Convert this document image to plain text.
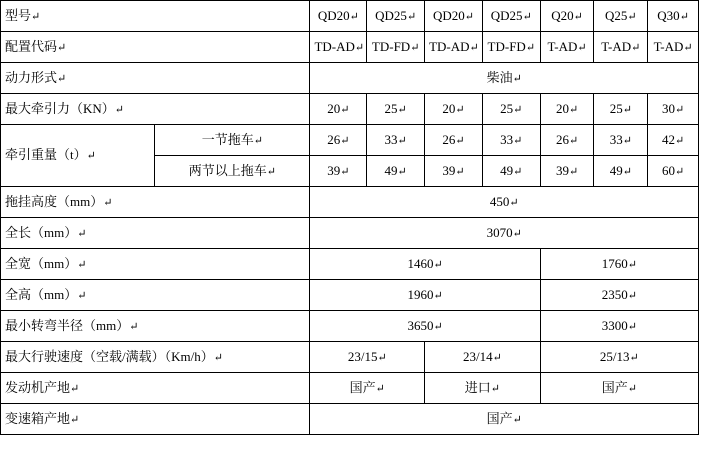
型号↵		QD20↵	QD25↵	QD20↵	QD25↵	Q20↵	Q25↵	Q30↵
配置代码↵		TD-AD↵	TD-FD↵	TD-AD↵	TD-FD↵	T-AD↵	T-AD↵	T-AD↵
动力形式↵		柴油↵						
最大牵引力（KN）↵		20↵	25↵	20↵	25↵	20↵	25↵	30↵
牵引重量（t）↵	一节拖车↵	26↵	33↵	26↵	33↵	26↵	33↵	42↵
	两节以上拖车↵	39↵	49↵	39↵	49↵	39↵	49↵	60↵
拖挂高度（mm）↵		450↵						
全长（mm）↵		3070↵						
全宽（mm）↵		1460↵				1760↵		
全高（mm）↵		1960↵				2350↵		
最小转弯半径（mm）↵		3650↵				3300↵		
最大行驶速度（空载/满载）（Km/h）↵		23/15↵		23/14↵		25/13↵		
发动机产地↵		国产↵		进口↵		国产↵		
变速箱产地↵		国产↵						
